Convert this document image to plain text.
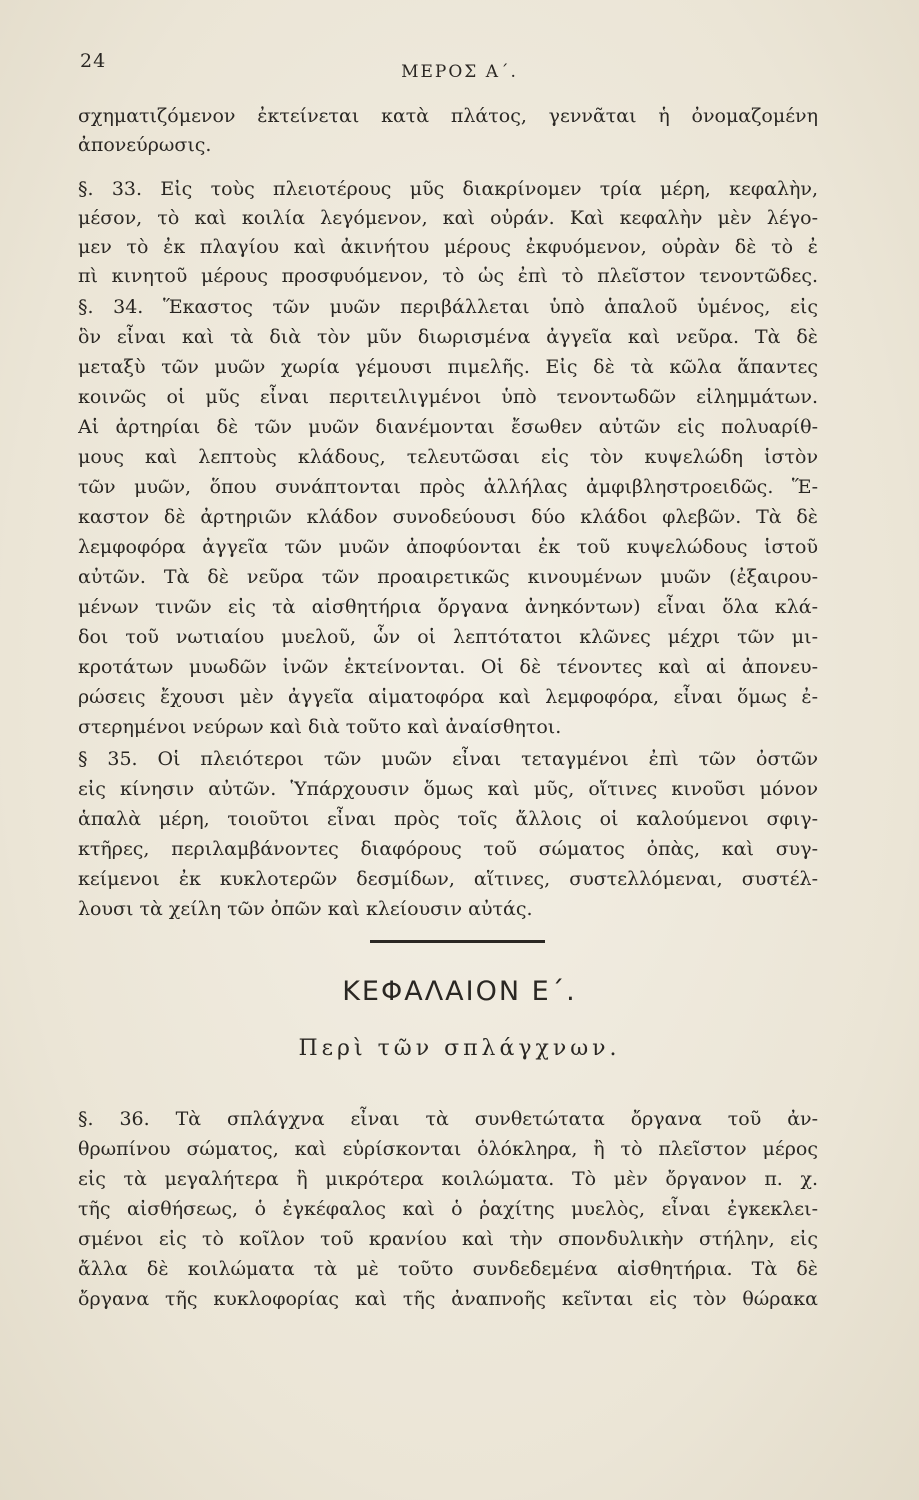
24	ΜΕΡΟΣ Α΄.
σχηματιζόμενον ἐκτείνεται κατὰ πλάτος, γεννᾶται ἡ ὀνομαζομένη
ἀπονεύρωσις.
§. 33. Εἰς τοὺς πλειοτέρους μῦς διακρίνομεν τρία μέρη, κεφαλὴν,
μέσον, τὸ καὶ κοιλία λεγόμενον, καὶ οὐράν. Καὶ κεφαλὴν μὲν λέγο-
μεν τὸ ἐκ πλαγίου καὶ ἀκινήτου μέρους ἐκφυόμενον, οὐρὰν δὲ τὸ ἐ
πὶ κινητοῦ μέρους προσφυόμενον, τὸ ὡς ἐπὶ τὸ πλεῖστον τενοντῶδες.
§. 34. Ἕκαστος τῶν μυῶν περιβάλλεται ὑπὸ ἁπαλοῦ ὑμένος, εἰς
ὃν εἶναι καὶ τὰ διὰ τὸν μῦν διωρισμένα ἀγγεῖα καὶ νεῦρα. Τὰ δὲ
μεταξὺ τῶν μυῶν χωρία γέμουσι πιμελῆς. Εἰς δὲ τὰ κῶλα ἅπαντες
κοινῶς οἱ μῦς εἶναι περιτειλιγμένοι ὑπὸ τενοντωδῶν εἰλημμάτων.
Αἱ ἀρτηρίαι δὲ τῶν μυῶν διανέμονται ἔσωθεν αὐτῶν εἰς πολυαρίθ-
μους καὶ λεπτοὺς κλάδους, τελευτῶσαι εἰς τὸν κυψελώδη ἱστὸν
τῶν μυῶν, ὅπου συνάπτονται πρὸς ἀλλήλας ἀμφιβληστροειδῶς. Ἕ-
καστον δὲ ἀρτηριῶν κλάδον συνοδεύουσι δύο κλάδοι φλεβῶν. Τὰ δὲ
λεμφοφόρα ἀγγεῖα τῶν μυῶν ἀποφύονται ἐκ τοῦ κυψελώδους ἱστοῦ
αὐτῶν. Τὰ δὲ νεῦρα τῶν προαιρετικῶς κινουμένων μυῶν (ἐξαιρου-
μένων τινῶν εἰς τὰ αἰσθητήρια ὄργανα ἀνηκόντων) εἶναι ὅλα κλά-
δοι τοῦ νωτιαίου μυελοῦ, ὧν οἱ λεπτότατοι κλῶνες μέχρι τῶν μι-
κροτάτων μυωδῶν ἰνῶν ἐκτείνονται. Οἱ δὲ τένοντες καὶ αἱ ἀπονευ-
ρώσεις ἔχουσι μὲν ἀγγεῖα αἱματοφόρα καὶ λεμφοφόρα, εἶναι ὅμως ἐ-
στερημένοι νεύρων καὶ διὰ τοῦτο καὶ ἀναίσθητοι.
§ 35. Οἱ πλειότεροι τῶν μυῶν εἶναι τεταγμένοι ἐπὶ τῶν ὀστῶν
εἰς κίνησιν αὐτῶν. Ὑπάρχουσιν ὅμως καὶ μῦς, οἵτινες κινοῦσι μόνον
ἁπαλὰ μέρη, τοιοῦτοι εἶναι πρὸς τοῖς ἄλλοις οἱ καλούμενοι σφιγ-
κτῆρες, περιλαμβάνοντες διαφόρους τοῦ σώματος ὀπὰς, καὶ συγ-
κείμενοι ἐκ κυκλοτερῶν δεσμίδων, αἵτινες, συστελλόμεναι, συστέλ-
λουσι τὰ χείλη τῶν ὀπῶν καὶ κλείουσιν αὐτάς.
ΚΕΦΑΛΑΙΟΝ Ε΄.
Περὶ τῶν σπλάγχνων.
§. 36. Τὰ σπλάγχνα εἶναι τὰ συνθετώτατα ὄργανα τοῦ ἀν-
θρωπίνου σώματος, καὶ εὑρίσκονται ὁλόκληρα, ἢ τὸ πλεῖστον μέρος
εἰς τὰ μεγαλήτερα ἢ μικρότερα κοιλώματα. Τὸ μὲν ὄργανον π. χ.
τῆς αἰσθήσεως, ὁ ἐγκέφαλος καὶ ὁ ῥαχίτης μυελὸς, εἶναι ἐγκεκλει-
σμένοι εἰς τὸ κοῖλον τοῦ κρανίου καὶ τὴν σπονδυλικὴν στήλην, εἰς
ἄλλα δὲ κοιλώματα τὰ μὲ τοῦτο συνδεδεμένα αἰσθητήρια. Τὰ δὲ
ὄργανα τῆς κυκλοφορίας καὶ τῆς ἀναπνοῆς κεῖνται εἰς τὸν θώρακα
